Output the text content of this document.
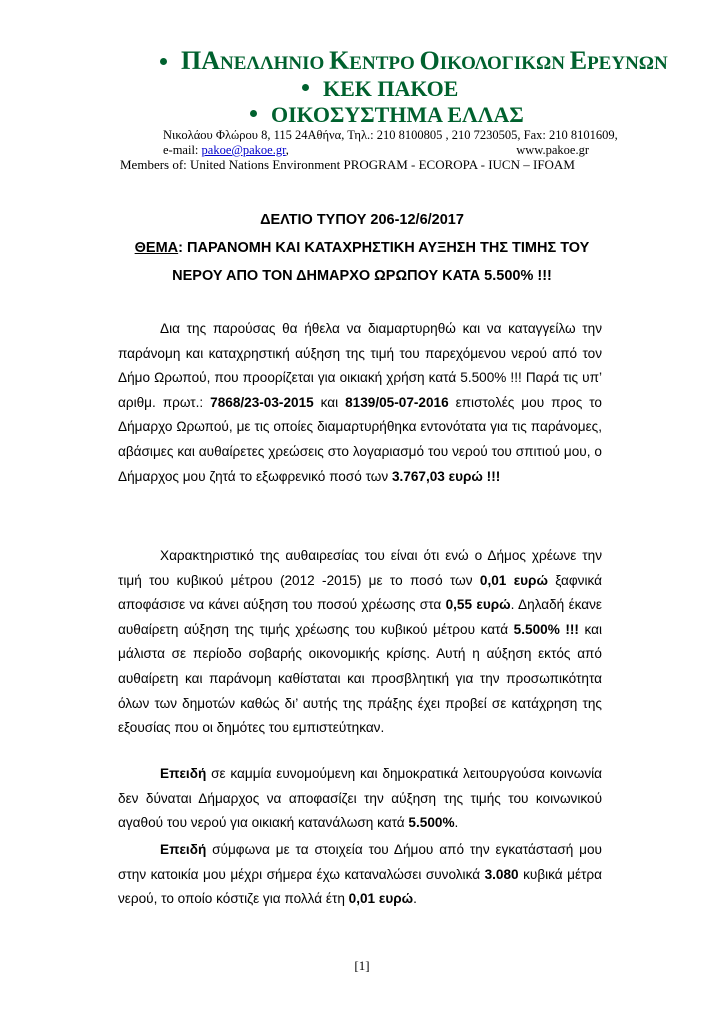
ΠΑΝΕΛΛΗΝΙΟ ΚΕΝΤΡΟ ΟΙΚΟΛΟΓΙΚΩΝ ΕΡΕΥΝΩΝ
ΚΕΚ ΠΑΚΟΕ
ΟΙΚΟΣΥΣΤΗΜΑ ΕΛΛΑΣ
Νικολάου Φλώρου 8, 115 24Αθήνα, Τηλ.: 210 8100805 , 210 7230505, Fax: 210 8101609,
e-mail: pakoe@pakoe.gr,	www.pakoe.gr
Members of: United Nations Environment PROGRAM - ECOROPA - IUCN – IFOAM
ΔΕΛΤΙΟ ΤΥΠΟΥ 206-12/6/2017
ΘΕΜΑ: ΠΑΡΑΝΟΜΗ ΚΑΙ ΚΑΤΑΧΡΗΣΤΙΚΗ ΑΥΞΗΣΗ ΤΗΣ ΤΙΜΗΣ ΤΟΥ
ΝΕΡΟΥ ΑΠΟ ΤΟΝ ΔΗΜΑΡΧΟ ΩΡΩΠΟΥ ΚΑΤΑ 5.500% !!!

Δια της παρούσας θα ήθελα να διαμαρτυρηθώ και να καταγγείλω την παράνομη και καταχρηστική αύξηση της τιμή του παρεχόμενου νερού από τον Δήμο Ωρωπού, που προορίζεται για οικιακή χρήση κατά 5.500% !!! Παρά τις υπ’ αριθμ. πρωτ.: 7868/23-03-2015 και 8139/05-07-2016 επιστολές μου προς το Δήμαρχο Ωρωπού, με τις οποίες διαμαρτυρήθηκα εντονότατα για τις παράνομες, αβάσιμες και αυθαίρετες χρεώσεις στο λογαριασμό του νερού του σπιτιού μου, ο Δήμαρχος μου ζητά το εξωφρενικό ποσό των 3.767,03 ευρώ !!!

Χαρακτηριστικό της αυθαιρεσίας του είναι ότι ενώ ο Δήμος χρέωνε την τιμή του κυβικού μέτρου (2012 -2015) με το ποσό των 0,01 ευρώ ξαφνικά αποφάσισε να κάνει αύξηση του ποσού χρέωσης στα 0,55 ευρώ. Δηλαδή έκανε αυθαίρετη αύξηση της τιμής χρέωσης του κυβικού μέτρου κατά 5.500% !!! και μάλιστα σε περίοδο σοβαρής οικονομικής κρίσης. Αυτή η αύξηση εκτός από αυθαίρετη και παράνομη καθίσταται και προσβλητική για την προσωπικότητα όλων των δημοτών καθώς δι’ αυτής της πράξης έχει προβεί σε κατάχρηση της εξουσίας που οι δημότες του εμπιστεύτηκαν.

Επειδή σε καμμία ευνομούμενη και δημοκρατικά λειτουργούσα κοινωνία δεν δύναται Δήμαρχος να αποφασίζει την αύξηση της τιμής του κοινωνικού αγαθού του νερού για οικιακή κατανάλωση κατά 5.500%.

Επειδή σύμφωνα με τα στοιχεία του Δήμου από την εγκατάστασή μου στην κατοικία μου μέχρι σήμερα έχω καταναλώσει συνολικά 3.080 κυβικά μέτρα νερού, το οποίο κόστιζε για πολλά έτη 0,01 ευρώ.

[1]
